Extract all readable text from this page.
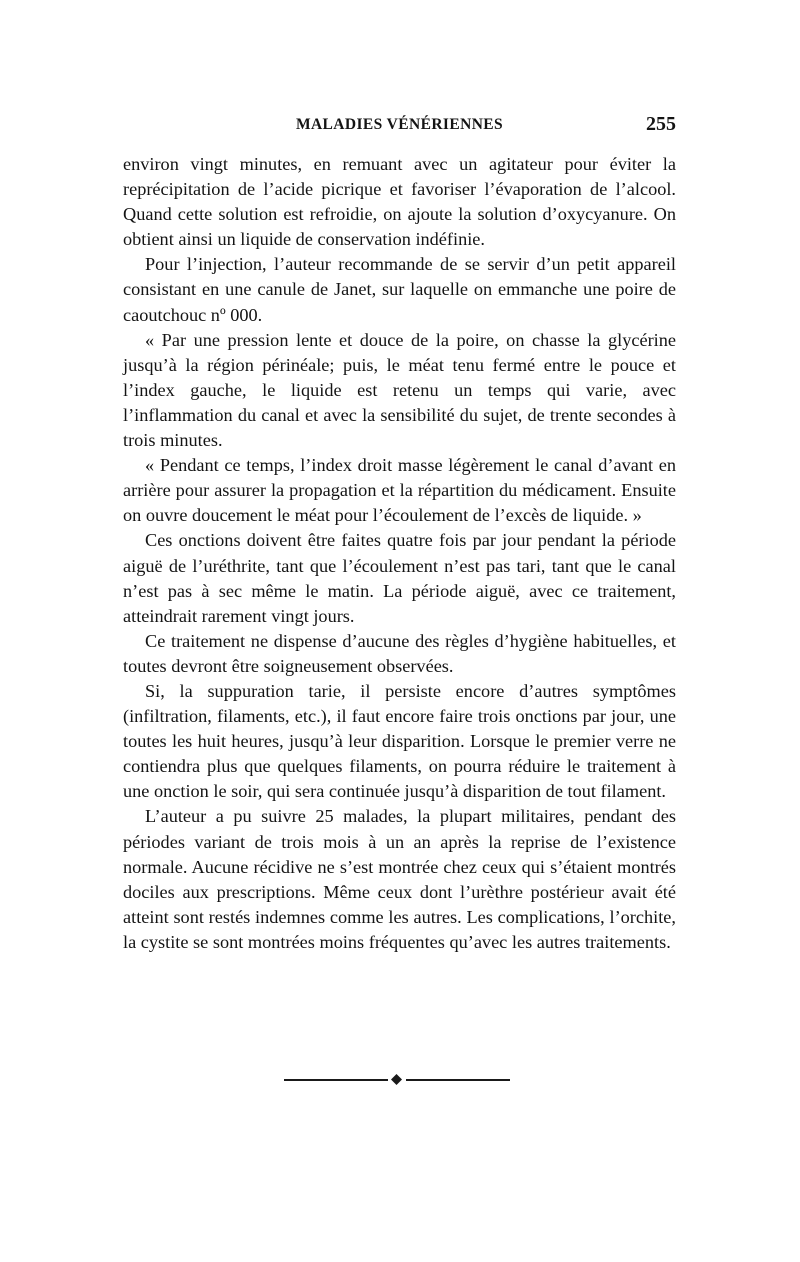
MALADIES VÉNÉRIENNES	255

environ vingt minutes, en remuant avec un agitateur pour éviter la reprécipitation de l’acide picrique et favoriser l’évaporation de l’alcool. Quand cette solution est refroidie, on ajoute la solution d’oxycyanure. On obtient ainsi un liquide de conservation indéfinie.

Pour l’injection, l’auteur recommande de se servir d’un petit appareil consistant en une canule de Janet, sur laquelle on emmanche une poire de caoutchouc nº 000.

« Par une pression lente et douce de la poire, on chasse la glycérine jusqu’à la région périnéale; puis, le méat tenu fermé entre le pouce et l’index gauche, le liquide est retenu un temps qui varie, avec l’inflammation du canal et avec la sensibilité du sujet, de trente secondes à trois minutes.

« Pendant ce temps, l’index droit masse légèrement le canal d’avant en arrière pour assurer la propagation et la répartition du médicament. Ensuite on ouvre doucement le méat pour l’écoulement de l’excès de liquide. »

Ces onctions doivent être faites quatre fois par jour pendant la période aiguë de l’uréthrite, tant que l’écoulement n’est pas tari, tant que le canal n’est pas à sec même le matin. La période aiguë, avec ce traitement, atteindrait rarement vingt jours.

Ce traitement ne dispense d’aucune des règles d’hygiène habituelles, et toutes devront être soigneusement observées.

Si, la suppuration tarie, il persiste encore d’autres symptômes (infiltration, filaments, etc.), il faut encore faire trois onctions par jour, une toutes les huit heures, jusqu’à leur disparition. Lorsque le premier verre ne contiendra plus que quelques filaments, on pourra réduire le traitement à une onction le soir, qui sera continuée jusqu’à disparition de tout filament.

L’auteur a pu suivre 25 malades, la plupart militaires, pendant des périodes variant de trois mois à un an après la reprise de l’existence normale. Aucune récidive ne s’est montrée chez ceux qui s’étaient montrés dociles aux prescriptions. Même ceux dont l’urèthre postérieur avait été atteint sont restés indemnes comme les autres. Les complications, l’orchite, la cystite se sont montrées moins fréquentes qu’avec les autres traitements.
